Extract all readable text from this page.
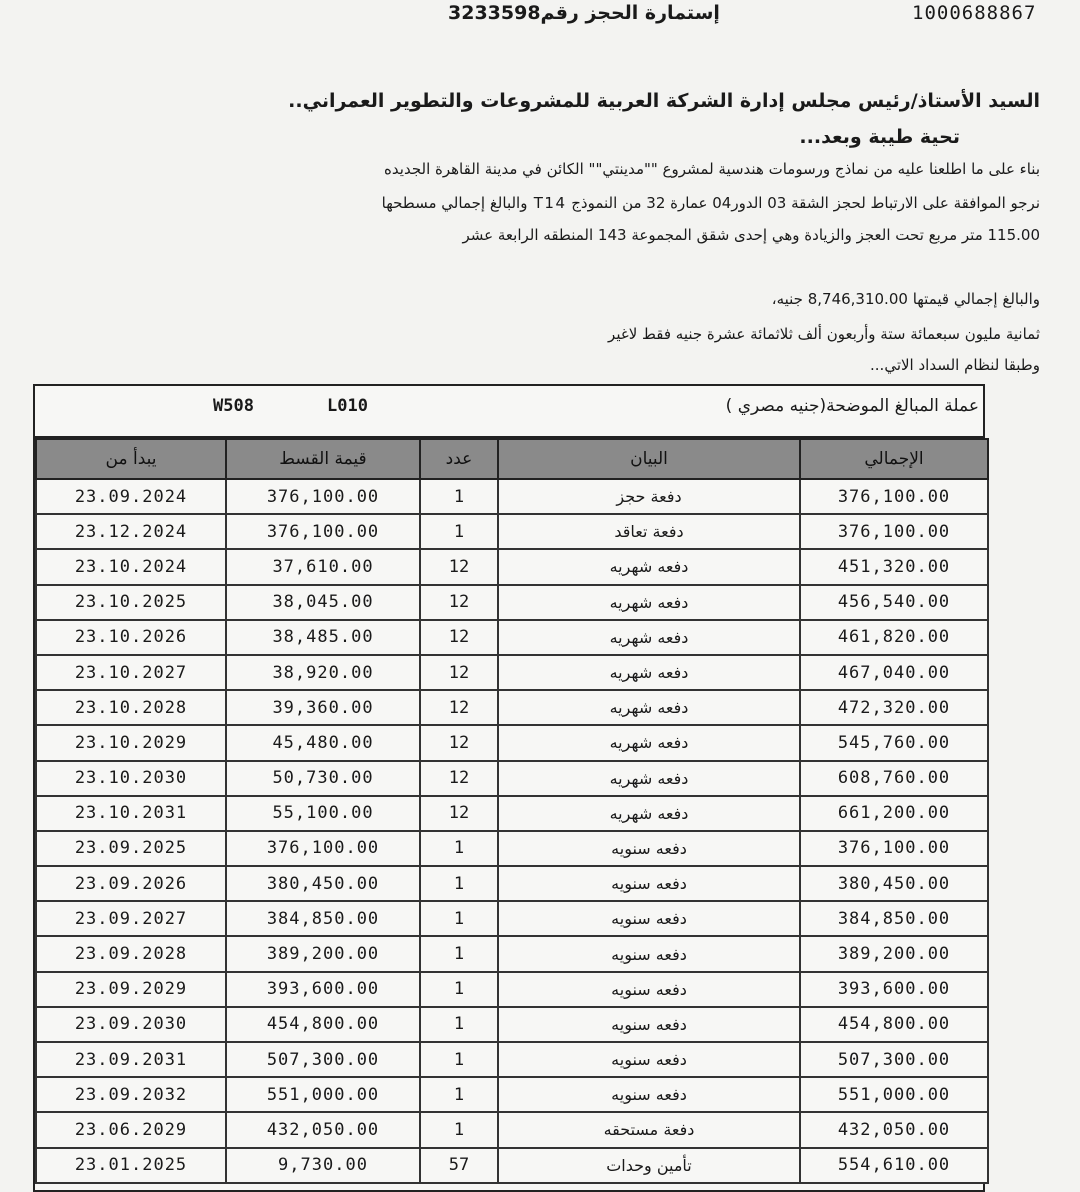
1000688867
إستمارة الحجز رقم3233598
السيد الأستاذ/رئيس مجلس إدارة الشركة العربية للمشروعات والتطوير العمراني..
تحية طيبة وبعد...
بناء على ما اطلعنا عليه من نماذج ورسومات هندسية لمشروع ""مدينتي"" الكائن في مدينة القاهرة الجديده
نرجو الموافقة على الارتباط لحجز الشقة 03 الدور04 عمارة 32 من النموذج T14 والبالغ إجمالي مسطحها
115.00 متر مربع تحت العجز والزيادة وهي إحدى شقق المجموعة 143 المنطقه الرابعة عشر
والبالغ إجمالي قيمتها 8,746,310.00 جنيه،
ثمانية مليون سبعمائة ستة وأربعون ألف ثلاثمائة عشرة جنيه فقط لاغير
وطبقا لنظام السداد الاتي...
عملة المبالغ الموضحة(جنيه مصري )
W508	L010
يبدأ من	قيمة القسط	عدد	البيان	الإجمالي
23.09.2024	376,100.00	1	دفعة حجز	376,100.00
23.12.2024	376,100.00	1	دفعة تعاقد	376,100.00
23.10.2024	37,610.00	12	دفعه شهريه	451,320.00
23.10.2025	38,045.00	12	دفعه شهريه	456,540.00
23.10.2026	38,485.00	12	دفعه شهريه	461,820.00
23.10.2027	38,920.00	12	دفعه شهريه	467,040.00
23.10.2028	39,360.00	12	دفعه شهريه	472,320.00
23.10.2029	45,480.00	12	دفعه شهريه	545,760.00
23.10.2030	50,730.00	12	دفعه شهريه	608,760.00
23.10.2031	55,100.00	12	دفعه شهريه	661,200.00
23.09.2025	376,100.00	1	دفعه سنويه	376,100.00
23.09.2026	380,450.00	1	دفعه سنويه	380,450.00
23.09.2027	384,850.00	1	دفعه سنويه	384,850.00
23.09.2028	389,200.00	1	دفعه سنويه	389,200.00
23.09.2029	393,600.00	1	دفعه سنويه	393,600.00
23.09.2030	454,800.00	1	دفعه سنويه	454,800.00
23.09.2031	507,300.00	1	دفعه سنويه	507,300.00
23.09.2032	551,000.00	1	دفعه سنويه	551,000.00
23.06.2029	432,050.00	1	دفعة مستحقه	432,050.00
23.01.2025	9,730.00	57	تأمين وحدات	554,610.00
